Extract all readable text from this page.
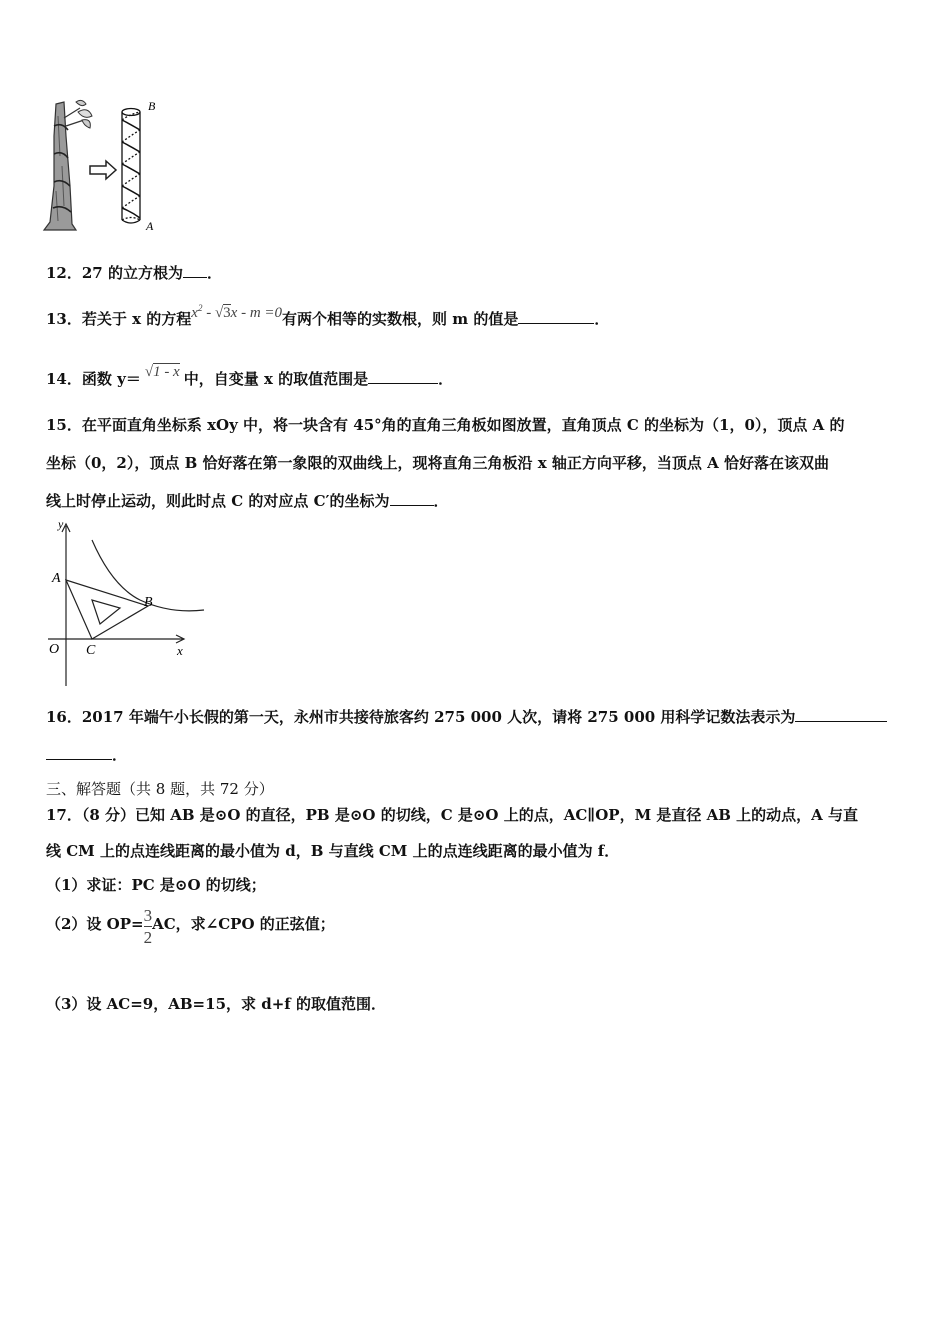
B
A
12．27 的立方根为 ．
13．若关于 x 的方程$x^2 - √3x - m =0$有两个相等的实数根，则 m 的值是	．
14．函数 y＝ √1 - x 中，自变量 x 的取值范围是	．
15．在平面直角坐标系 xOy 中，将一块含有 45°角的直角三角板如图放置，直角顶点 C 的坐标为（1，0），顶点 A 的
坐标（0，2），顶点 B 恰好落在第一象限的双曲线上，现将直角三角板沿 x 轴正方向平移，当顶点 A 恰好落在该双曲
线上时停止运动，则此时点 C 的对应点 C′的坐标为	．
y
x
O
A
B
C
16．2017 年端午小长假的第一天，永州市共接待旅客约 275 000 人次，请将 275 000 用科学记数法表示为
．
三、解答题（共 8 题，共 72 分）
17．（8 分）已知 AB 是⊙O 的直径，PB 是⊙O 的切线，C 是⊙O 上的点，AC∥OP，M 是直径 AB 上的动点，A 与直
线 CM 上的点连线距离的最小值为 d，B 与直线 CM 上的点连线距离的最小值为 f．
（1）求证：PC 是⊙O 的切线；
（2）设 $OP= \frac{3}{2}$ AC，求∠CPO 的正弦值；
（3）设 AC=9，AB=15，求 d+f 的取值范围．
